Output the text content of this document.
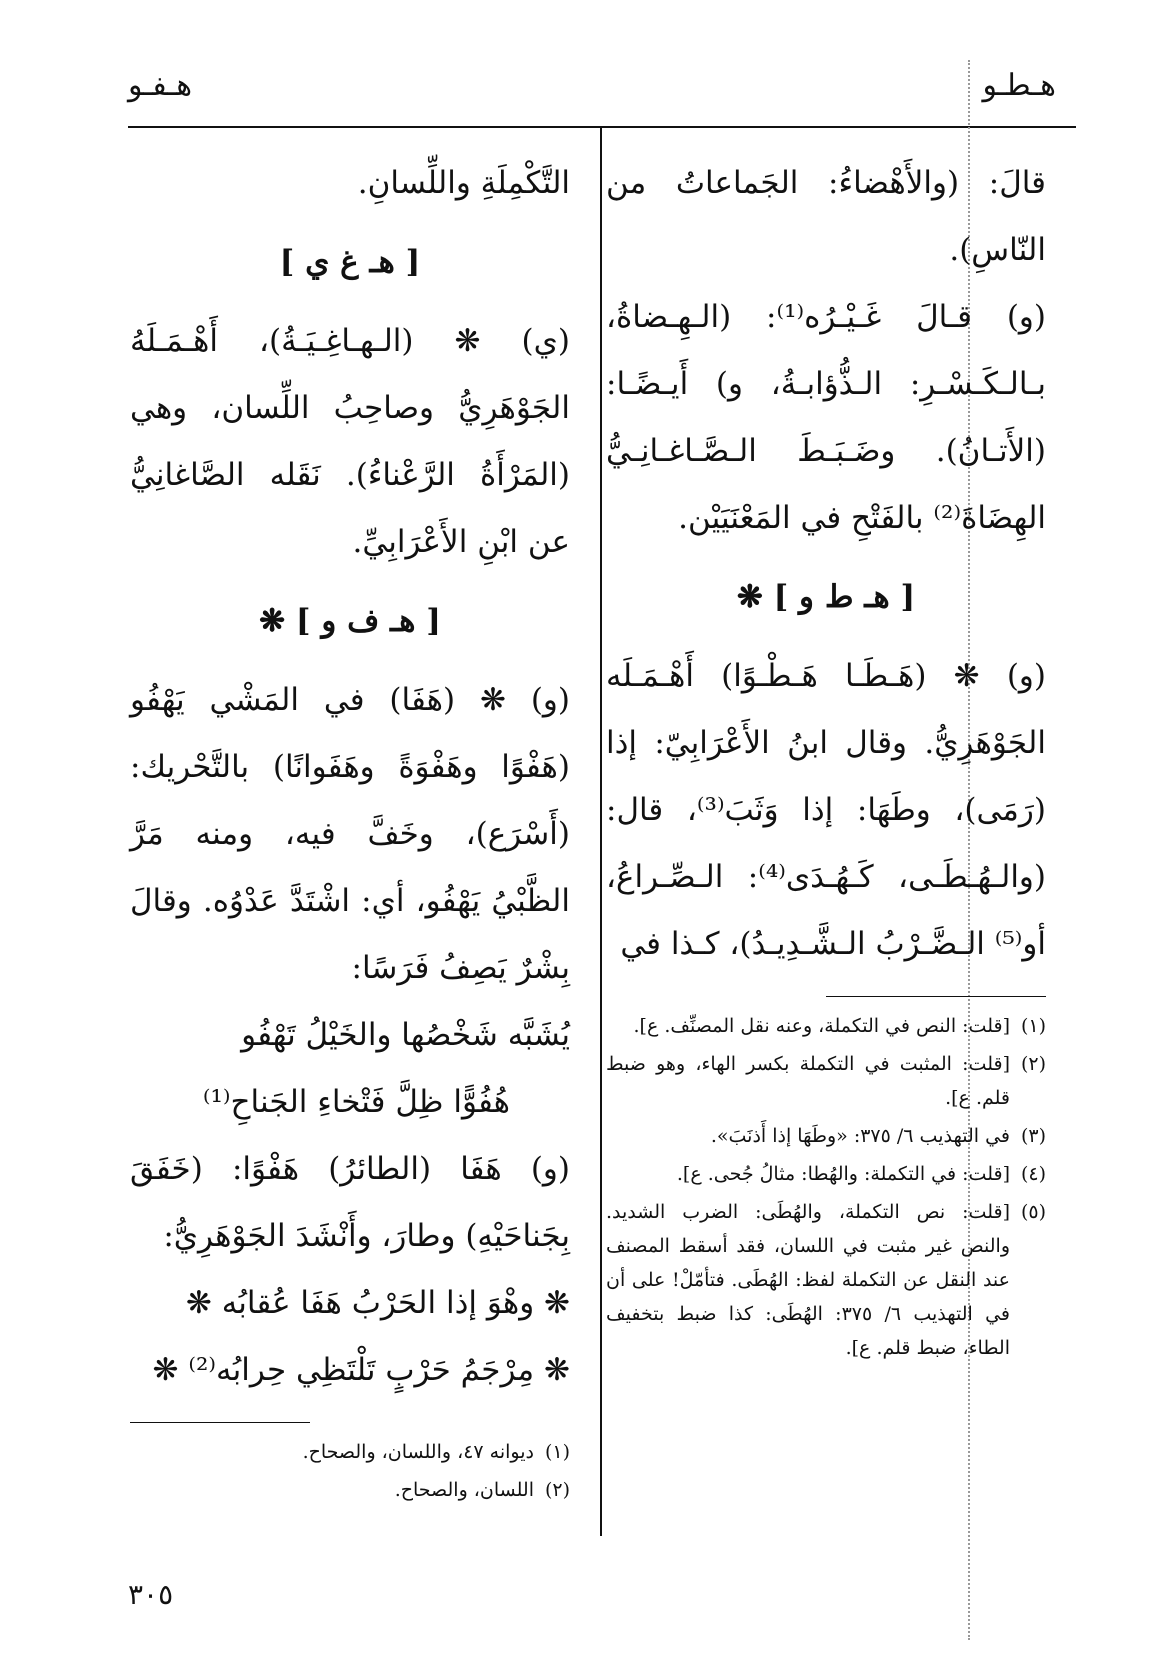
هـطـو
هـفـو

قالَ: (والأَهْضاءُ: الجَماعاتُ من النّاسِ).

(و) قـالَ غَـيْـرُه⁽¹⁾: (الـهِـضاةُ، بـالـكَـسْـرِ: الـذُّؤابـةُ، و) أَيـضًـا: (الأَتـانُ). وضَـبَـطَ الـصَّـاغـانِـيُّ الهِضَاةَ⁽²⁾ بالفَتْحِ في المَعْنَيَيْن.

[ هـ ط و ] ❋

(و) ❋ (هَـطَـا هَـطْـوًا) أَهْـمَـلَه الجَوْهَرِيُّ. وقال ابنُ الأَعْرَابِيّ: إذا (رَمَى)، وطَهَا: إذا وَثَبَ⁽³⁾، قال: (والـهُـطَـى، كَـهُـدَى⁽⁴⁾: الـصِّـراعُ، أو⁽⁵⁾ الـضَّـرْبُ الـشَّـدِيـدُ)، كـذا في

(١)
[قلت: النص في التكملة، وعنه نقل المصنِّف. ع].
(٢)
[قلت: المثبت في التكملة بكسر الهاء، وهو ضبط قلم. ع].
(٣)
في التهذيب ٦/ ٣٧٥: «وطَهَا إذا أَذنَبَ».
(٤)
[قلت: في التكملة: والهُطا: مثالُ جُحى. ع].
(٥)
[قلت: نص التكملة، والهُطَى: الضرب الشديد. والنص غير مثبت في اللسان، فقد أسقط المصنف عند النقل عن التكملة لفظ: الهُطَى. فتأمّلْ! على أن في التهذيب ٦/ ٣٧٥: الهُطَى: كذا ضبط بتخفيف الطاء، ضبط قلم. ع].

التَّكْمِلَةِ واللِّسانِ.

[ هـ غ ي ]

(ي) ❋ (الـهـاغِـيَـةُ)، أَهْـمَـلَهُ الجَوْهَرِيُّ وصاحِبُ اللِّسان، وهي (المَرْأَةُ الرَّعْناءُ). نَقَله الصَّاغانِيُّ عن ابْنِ الأَعْرَابِيِّ.

[ هـ ف و ] ❋

(و) ❋ (هَفَا) في المَشْي يَهْفُو (هَفْوًا وهَفْوَةً وهَفَوانًا) بالتَّحْريك: (أَسْرَع)، وخَفَّ فيه، ومنه مَرَّ الظَّبْيُ يَهْفُو، أي: اشْتَدَّ عَدْوُه. وقالَ بِشْرٌ يَصِفُ فَرَسًا:

يُشَبَّه شَخْصُها والخَيْلُ تَهْفُو

هُفُوًّا ظِلَّ فَتْخاءِ الجَناحِ⁽¹⁾

(و) هَفَا (الطائرُ) هَفْوًا: (خَفَقَ بِجَناحَيْهِ) وطارَ، وأَنْشَدَ الجَوْهَرِيُّ:

❋ وهْوَ إذا الحَرْبُ هَفَا عُقابُه ❋

❋ مِرْجَمُ حَرْبٍ تَلْتَظِي حِرابُه⁽²⁾ ❋

(١)
ديوانه ٤٧، واللسان، والصحاح.
(٢)
اللسان، والصحاح.
٣٠٥
